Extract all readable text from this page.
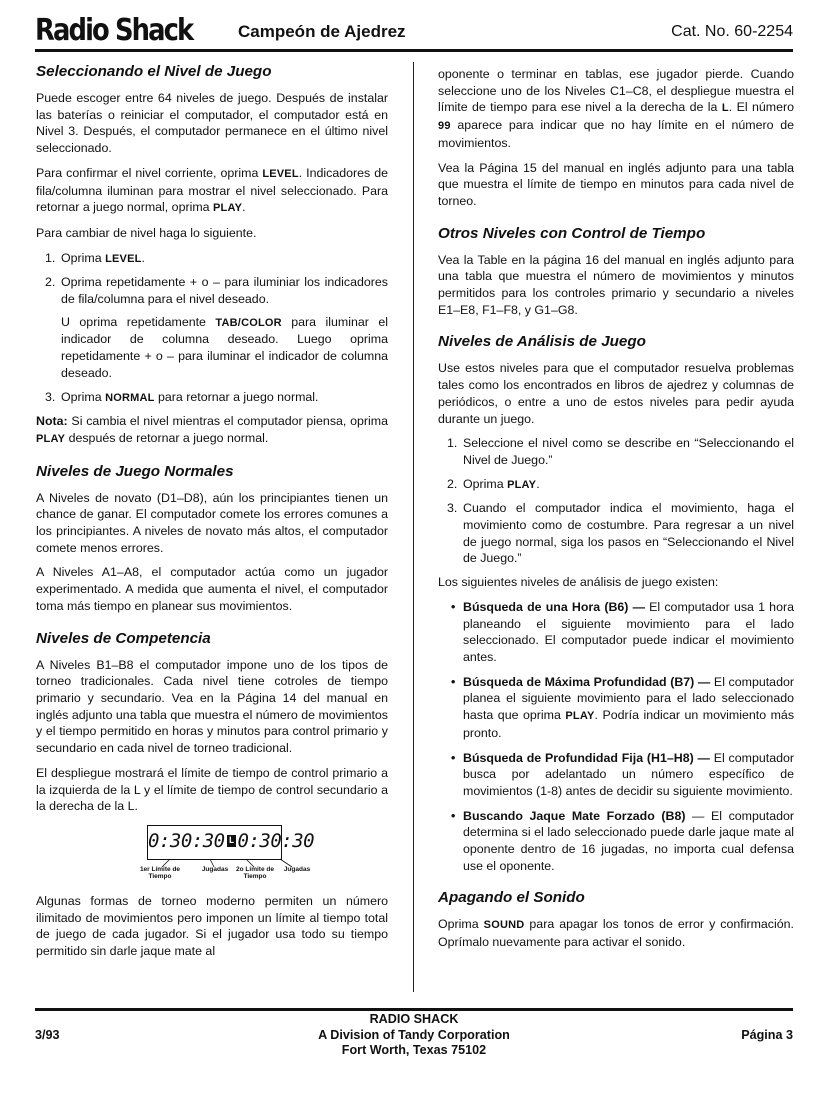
Radio Shack	Campeón de Ajedrez	Cat. No. 60-2254
Seleccionando el Nivel de Juego

Puede escoger entre 64 niveles de juego. Después de instalar las baterías o reiniciar el computador, el computador está en Nivel 3. Después, el computador permanece en el último nivel seleccionado.

Para confirmar el nivel corriente, oprima LEVEL. Indicadores de fila/columna iluminan para mostrar el nivel seleccionado. Para retornar a juego normal, oprima PLAY.

Para cambiar de nivel haga lo siguiente.

1. Oprima LEVEL.
2. Oprima repetidamente + o – para iluminiar los indicadores de fila/columna para el nivel deseado.
U oprima repetidamente TAB/COLOR para iluminar el indicador de columna deseado. Luego oprima repetidamente + o – para iluminar el indicador de columna deseado.
3. Oprima NORMAL para retornar a juego normal.

Nota: Si cambia el nivel mientras el computador piensa, oprima PLAY después de retornar a juego normal.

Niveles de Juego Normales

A Niveles de novato (D1–D8), aún los principiantes tienen un chance de ganar. El computador comete los errores comunes a los principiantes. A niveles de novato más altos, el computador comete menos errores.

A Niveles A1–A8, el computador actúa como un jugador experimentado. A medida que aumenta el nivel, el computador toma más tiempo en planear sus movimientos.

Niveles de Competencia

A Niveles B1–B8 el computador impone uno de los tipos de torneo tradicionales. Cada nivel tiene cotroles de tiempo primario y secundario. Vea en la Página 14 del manual en inglés adjunto una tabla que muestra el número de movimientos y el tiempo permitido en horas y minutos para control primario y secundario en cada nivel de torneo tradicional.

El despliegue mostrará el límite de tiempo de control primario a la izquierda de la L y el límite de tiempo de control secundario a la derecha de la L.

0:30:30 L 0:30:30
1er Límite de Tiempo
Jugadas	2o Límite de Tiempo
Jugadas

Algunas formas de torneo moderno permiten un número ilimitado de movimientos pero imponen un límite al tiempo total de juego de cada jugador. Si el jugador usa todo su tiempo permitido sin darle jaque mate al

oponente o terminar en tablas, ese jugador pierde. Cuando seleccione uno de los Niveles C1–C8, el despliegue muestra el límite de tiempo para ese nivel a la derecha de la L. El número 99 aparece para indicar que no hay límite en el número de movimientos.

Vea la Página 15 del manual en inglés adjunto para una tabla que muestra el límite de tiempo en minutos para cada nivel de torneo.

Otros Niveles con Control de Tiempo

Vea la Table en la página 16 del manual en inglés adjunto para una tabla que muestra el número de movimientos y minutos permitidos para los controles primario y secundario a niveles E1–E8, F1–F8, y G1–G8.

Niveles de Análisis de Juego

Use estos niveles para que el computador resuelva problemas tales como los encontrados en libros de ajedrez y columnas de periódicos, o entre a uno de estos niveles para pedir ayuda durante un juego.

1. Seleccione el nivel como se describe en “Seleccionando el Nivel de Juego.”
2. Oprima PLAY.
3. Cuando el computador indica el movimiento, haga el movimiento como de costumbre. Para regresar a un nivel de juego normal, siga los pasos en “Seleccionando el Nivel de Juego.”

Los siguientes niveles de análisis de juego existen:

• Búsqueda de una Hora (B6) — El computador usa 1 hora planeando el siguiente movimiento para el lado seleccionado. El computador puede indicar el movimiento antes.
• Búsqueda de Máxima Profundidad (B7) — El computador planea el siguiente movimiento para el lado seleccionado hasta que oprima PLAY. Podría indicar un movimiento más pronto.
• Búsqueda de Profundidad Fija (H1–H8) — El computador busca por adelantado un número específico de movimientos (1-8) antes de decidir su siguiente movimiento.
• Buscando Jaque Mate Forzado (B8) — El computador determina si el lado seleccionado puede darle jaque mate al oponente dentro de 16 jugadas, no importa cual defensa use el oponente.
Apagando el Sonido

Oprima SOUND para apagar los tonos de error y confirmación. Oprímalo nuevamente para activar el sonido.

3/93
RADIO SHACK
A Division of Tandy Corporation
Fort Worth, Texas 75102
Página 3
